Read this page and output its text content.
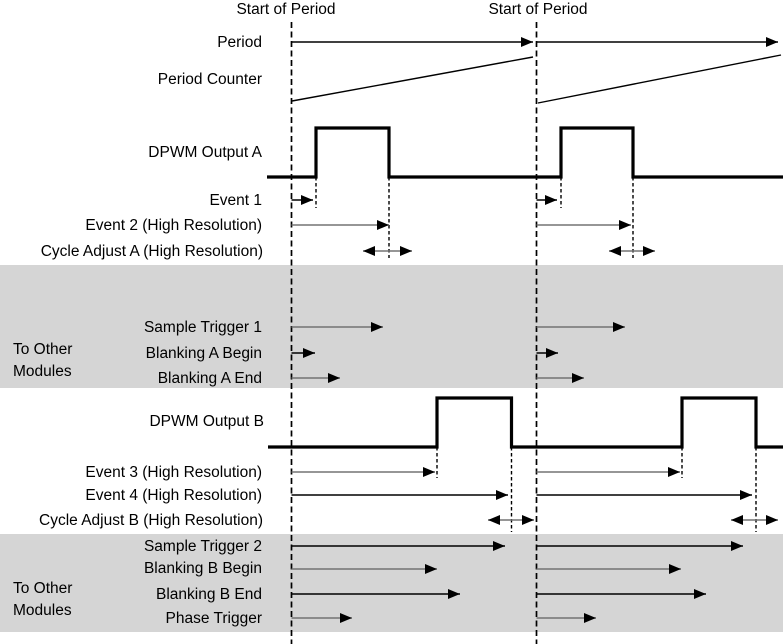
Start of Period	Start of Period
Period
Period Counter
DPWM Output A
Event 1
Event 2 (High Resolution)
Cycle Adjust A (High Resolution)
Sample Trigger 1
To Other
Modules
Blanking A Begin
Blanking A End
DPWM Output B
Event 3 (High Resolution)
Event 4 (High Resolution)
Cycle Adjust B (High Resolution)
Sample Trigger 2
Blanking B Begin
To Other
Modules
Blanking B End
Phase Trigger
